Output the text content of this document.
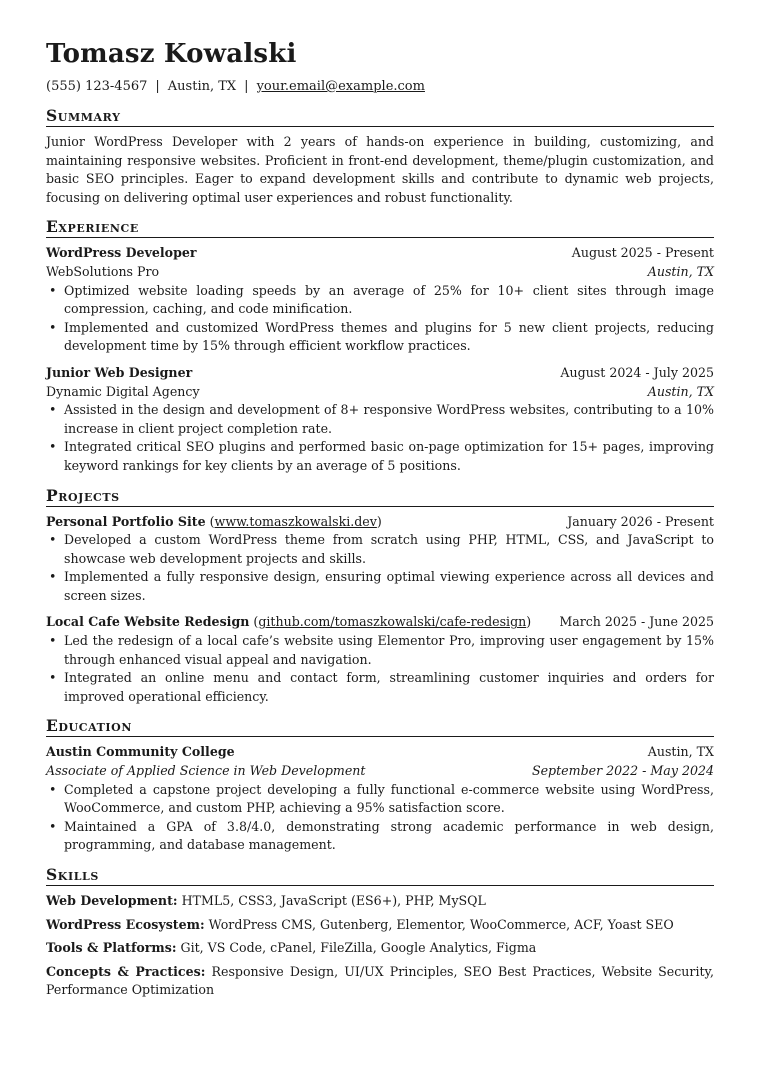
Tomasz Kowalski
(555) 123-4567 | Austin, TX | your.email@example.com
Summary

Junior WordPress Developer with 2 years of hands-on experience in building, customizing, and maintaining responsive websites. Proficient in front-end development, theme/plugin customization, and basic SEO principles. Eager to expand development skills and contribute to dynamic web projects, focusing on delivering optimal user experiences and robust functionality.

Experience
WordPress Developer	August 2025 - Present
WebSolutions Pro	Austin, TX
• Optimized website loading speeds by an average of 25% for 10+ client sites through image compression, caching, and code minification.
• Implemented and customized WordPress themes and plugins for 5 new client projects, reducing development time by 15% through efficient workflow practices.
Junior Web Designer	August 2024 - July 2025
Dynamic Digital Agency	Austin, TX
• Assisted in the design and development of 8+ responsive WordPress websites, contributing to a 10% increase in client project completion rate.
• Integrated critical SEO plugins and performed basic on-page optimization for 15+ pages, improving keyword rankings for key clients by an average of 5 positions.
Projects
Personal Portfolio Site (www.tomaszkowalski.dev)	January 2026 - Present
• Developed a custom WordPress theme from scratch using PHP, HTML, CSS, and JavaScript to showcase web development projects and skills.
• Implemented a fully responsive design, ensuring optimal viewing experience across all devices and screen sizes.
Local Cafe Website Redesign (github.com/tomaszkowalski/cafe-redesign) March 2025 - June 2025
• Led the redesign of a local cafe’s website using Elementor Pro, improving user engagement by 15% through enhanced visual appeal and navigation.
• Integrated an online menu and contact form, streamlining customer inquiries and orders for improved operational efficiency.
Education
Austin Community College	Austin, TX
Associate of Applied Science in Web Development	September 2022 - May 2024
• Completed a capstone project developing a fully functional e-commerce website using WordPress, WooCommerce, and custom PHP, achieving a 95% satisfaction score.
• Maintained a GPA of 3.8/4.0, demonstrating strong academic performance in web design, programming, and database management.
Skills
Web Development: HTML5, CSS3, JavaScript (ES6+), PHP, MySQL
WordPress Ecosystem: WordPress CMS, Gutenberg, Elementor, WooCommerce, ACF, Yoast SEO
Tools & Platforms: Git, VS Code, cPanel, FileZilla, Google Analytics, Figma
Concepts & Practices: Responsive Design, UI/UX Principles, SEO Best Practices, Website Security, Performance Optimization
